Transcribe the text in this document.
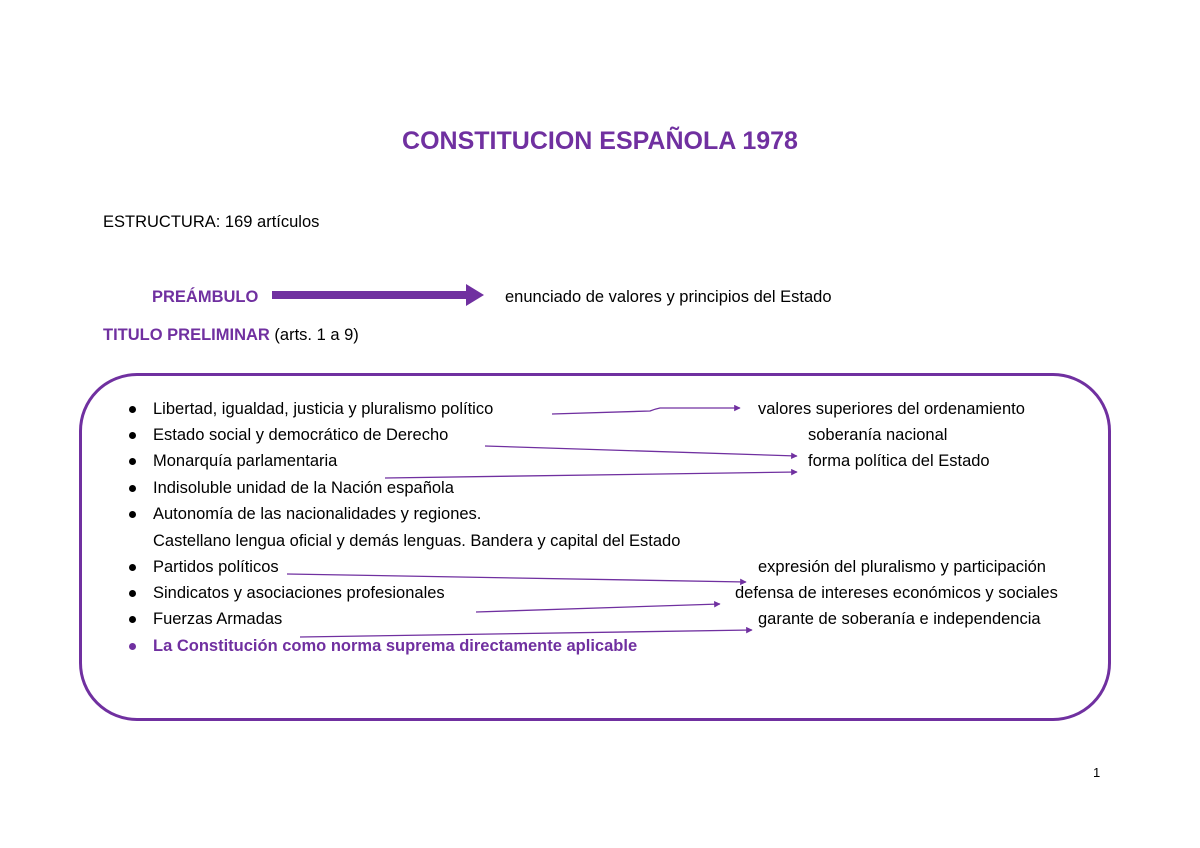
CONSTITUCION ESPAÑOLA 1978
ESTRUCTURA: 169 artículos
PREÁMBULO	enunciado de valores y principios del Estado
TITULO PRELIMINAR (arts. 1 a 9)
Libertad, igualdad, justicia y pluralismo político
Estado social y democrático de Derecho
Monarquía parlamentaria
Indisoluble unidad de la Nación española
Autonomía de las nacionalidades y regiones.
Castellano lengua oficial y demás lenguas. Bandera y capital del Estado
Partidos políticos
Sindicatos y asociaciones profesionales
Fuerzas Armadas
La Constitución como norma suprema directamente aplicable
valores superiores del ordenamiento
soberanía nacional
forma política del Estado
expresión del pluralismo y participación
defensa de intereses económicos y sociales
garante de soberanía e independencia
1
